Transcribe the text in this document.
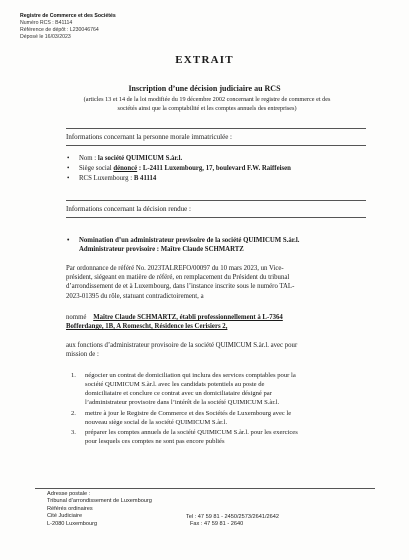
Registre de Commerce et des Sociétés
Numéro RCS : B41114
Référence de dépôt : L230046764
Déposé le 16/03/2023
EXTRAIT
Inscription d’une décision judiciaire au RCS
(articles 13 et 14 de la loi modifiée du 19 décembre 2002 concernant le registre de commerce et des
sociétés ainsi que la comptabilité et les comptes annuels des entreprises)
Informations concernant la personne morale immatriculée :
• Nom : la société QUIMICUM S.àr.l.
• Siège social dénoncé : L-2411 Luxembourg, 17, boulevard F.W. Raiffeisen
• RCS Luxembourg : B 41114
Informations concernant la décision rendue :
• Nomination d’un administrateur provisoire de la société QUIMICUM S.àr.l.
Administrateur provisoire : Maître Claude SCHMARTZ
Par ordonnance de référé No. 2023TALREFO/00097 du 10 mars 2023, un Vice-
président, siégeant en matière de référé, en remplacement du Président du tribunal
d’arrondissement de et à Luxembourg, dans l’instance inscrite sous le numéro TAL-
2023-01395 du rôle, statuant contradictoirement, a
nommé Maître Claude SCHMARTZ, établi professionnellement à L-7364
Bofferdange, 1B, A Romescht, Résidence les Cerisiers 2,
aux fonctions d’administrateur provisoire de la société QUIMICUM S.àr.l. avec pour
mission de :
1. négocier un contrat de domiciliation qui inclura des services comptables pour la
société QUIMICUM S.àr.l. avec les candidats potentiels au poste de
domiciliataire et conclure ce contrat avec un domiciliataire désigné par
l’administrateur provisoire dans l’intérêt de la société QUIMICUM S.àr.l.
2. mettre à jour le Registre de Commerce et des Sociétés de Luxembourg avec le
nouveau siège social de la société QUIMICUM S.àr.l.
3. préparer les comptes annuels de la société QUIMICUM S.àr.l. pour les exercices
pour lesquels ces comptes ne sont pas encore publiés
Adresse postale :
Tribunal d’arrondissement de Luxembourg
Référés ordinaires
Cité Judiciaire
L-2080 Luxembourg
Tel : 47 59 81 - 2450/2573/2641/2642
Fax : 47 59 81 - 2640
